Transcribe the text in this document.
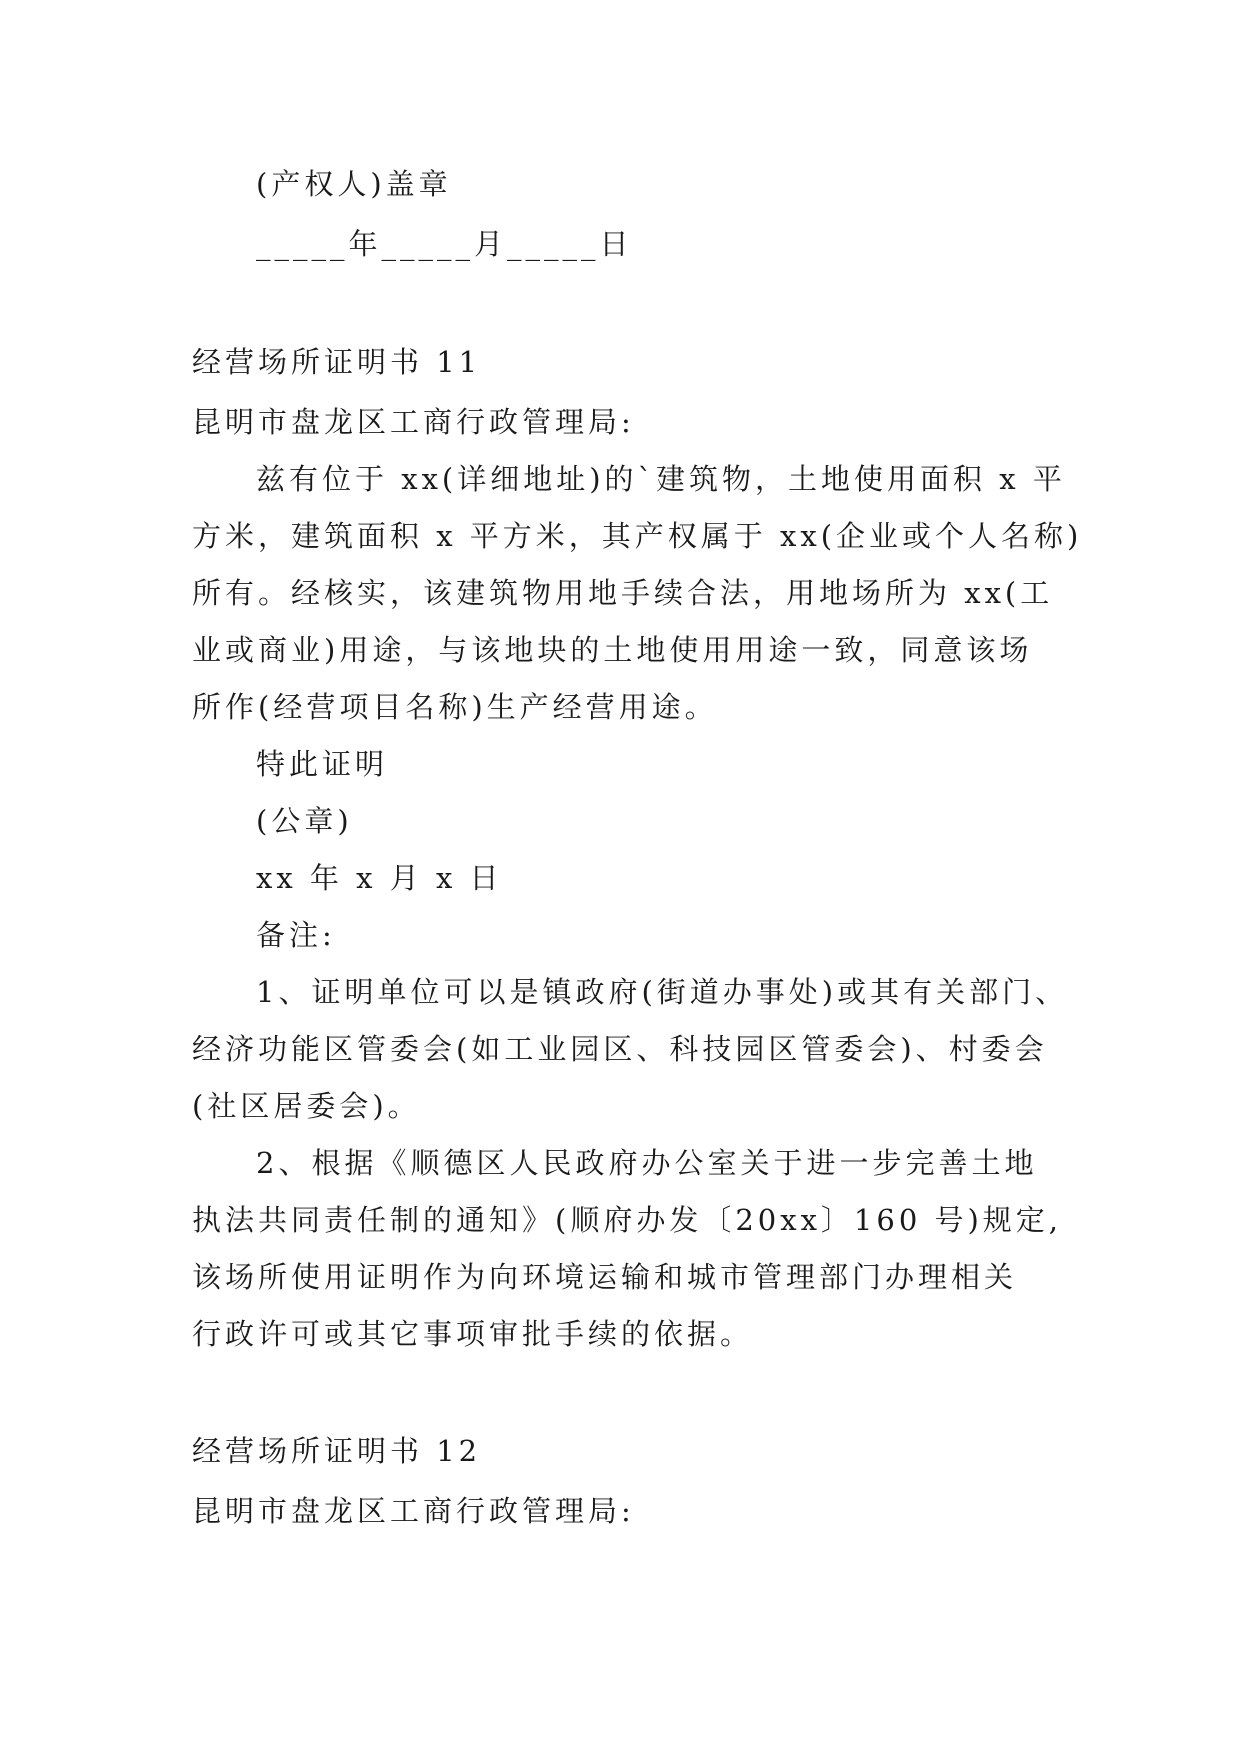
(产权人)盖章
_____年_____月_____日
经营场所证明书 11
昆明市盘龙区工商行政管理局:
兹有位于 xx(详细地址)的`建筑物，土地使用面积 x 平
方米，建筑面积 x 平方米，其产权属于 xx(企业或个人名称)
所有。经核实，该建筑物用地手续合法，用地场所为 xx(工
业或商业)用途，与该地块的土地使用用途一致，同意该场
所作(经营项目名称)生产经营用途。
特此证明
(公章)
xx 年 x 月 x 日
备注:
1、证明单位可以是镇政府(街道办事处)或其有关部门、
经济功能区管委会(如工业园区、科技园区管委会)、村委会
(社区居委会)。
2、根据《顺德区人民政府办公室关于进一步完善土地
执法共同责任制的通知》(顺府办发〔20xx〕160 号)规定,
该场所使用证明作为向环境运输和城市管理部门办理相关
行政许可或其它事项审批手续的依据。
经营场所证明书 12
昆明市盘龙区工商行政管理局:
